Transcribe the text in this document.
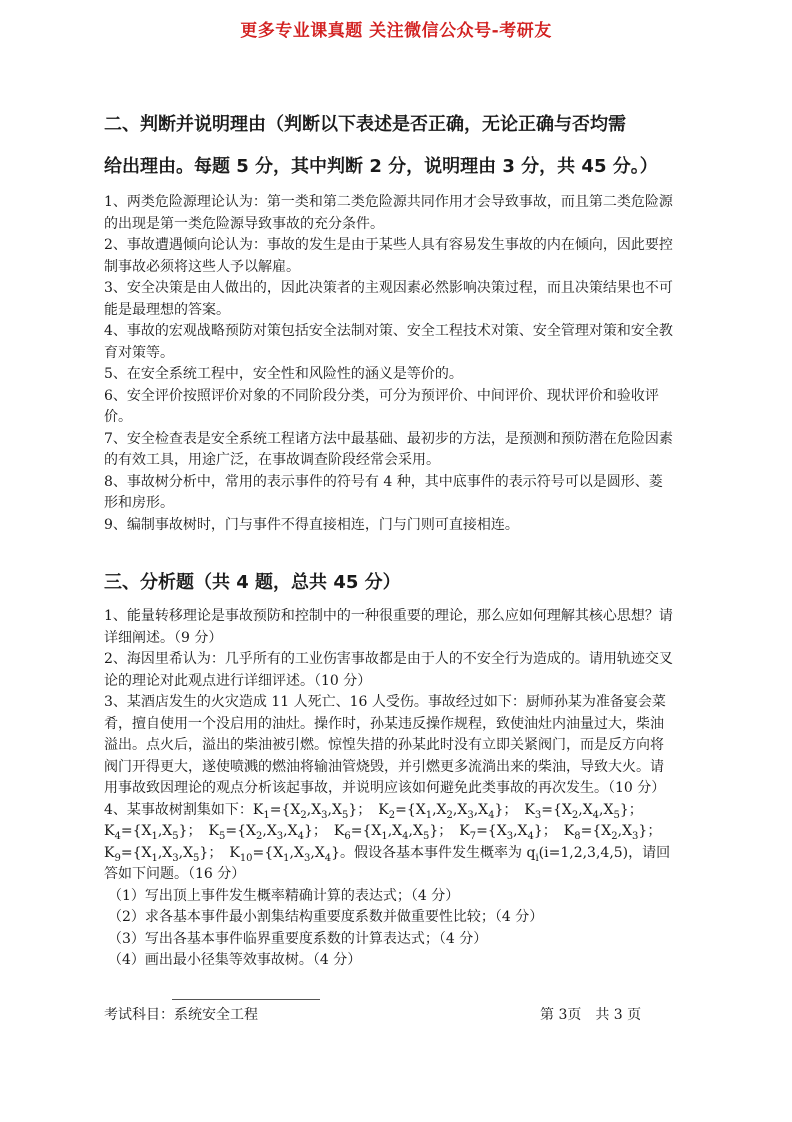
更多专业课真题 关注微信公众号-考研友

二、判断并说明理由（判断以下表述是否正确，无论正确与否均需

给出理由。每题 5 分，其中判断 2 分，说明理由 3 分，共 45 分。）

1、两类危险源理论认为：第一类和第二类危险源共同作用才会导致事故，而且第二类危险源的出现是第一类危险源导致事故的充分条件。

2、事故遭遇倾向论认为：事故的发生是由于某些人具有容易发生事故的内在倾向，因此要控制事故必须将这些人予以解雇。

3、安全决策是由人做出的，因此决策者的主观因素必然影响决策过程，而且决策结果也不可能是最理想的答案。

4、事故的宏观战略预防对策包括安全法制对策、安全工程技术对策、安全管理对策和安全教育对策等。

5、在安全系统工程中，安全性和风险性的涵义是等价的。

6、安全评价按照评价对象的不同阶段分类，可分为预评价、中间评价、现状评价和验收评价。

7、安全检查表是安全系统工程诸方法中最基础、最初步的方法，是预测和预防潜在危险因素的有效工具，用途广泛，在事故调查阶段经常会采用。

8、事故树分析中，常用的表示事件的符号有 4 种，其中底事件的表示符号可以是圆形、菱形和房形。

9、编制事故树时，门与事件不得直接相连，门与门则可直接相连。

三、分析题（共 4 题，总共 45 分）

1、能量转移理论是事故预防和控制中的一种很重要的理论，那么应如何理解其核心思想？请详细阐述。（9 分）

2、海因里希认为：几乎所有的工业伤害事故都是由于人的不安全行为造成的。请用轨迹交叉论的理论对此观点进行详细评述。（10 分）

3、某酒店发生的火灾造成 11 人死亡、16 人受伤。事故经过如下：厨师孙某为准备宴会菜肴，擅自使用一个没启用的油灶。操作时，孙某违反操作规程，致使油灶内油量过大，柴油溢出。点火后，溢出的柴油被引燃。惊惶失措的孙某此时没有立即关紧阀门，而是反方向将阀门开得更大，遂使喷溅的燃油将输油管烧毁，并引燃更多流淌出来的柴油，导致大火。请用事故致因理论的观点分析该起事故，并说明应该如何避免此类事故的再次发生。（10 分）

4、某事故树割集如下：$K_1=\{X_2,X_3,X_5\}$；　$K_2=\{X_1,X_2,X_3,X_4\}$；　$K_3=\{X_2,X_4,X_5\}$；　$K_4=\{X_1,X_5\}$；　$K_5=\{X_2,X_3,X_4\}$；　$K_6=\{X_1,X_4,X_5\}$；　$K_7=\{X_3,X_4\}$；　$K_8=\{X_2,X_3\}$；　$K_9=\{X_1,X_3,X_5\}$；　$K_{10}=\{X_1,X_3,X_4\}$。假设各基本事件发生概率为 $q_i(i=1,2,3,4,5)$，请回答如下问题。（16 分）

（1）写出顶上事件发生概率精确计算的表达式；（4 分）

（2）求各基本事件最小割集结构重要度系数并做重要性比较；（4 分）

（3）写出各基本事件临界重要度系数的计算表达式；（4 分）

（4）画出最小径集等效事故树。（4 分）

考试科目：系统安全工程	第 3页　共 3 页
